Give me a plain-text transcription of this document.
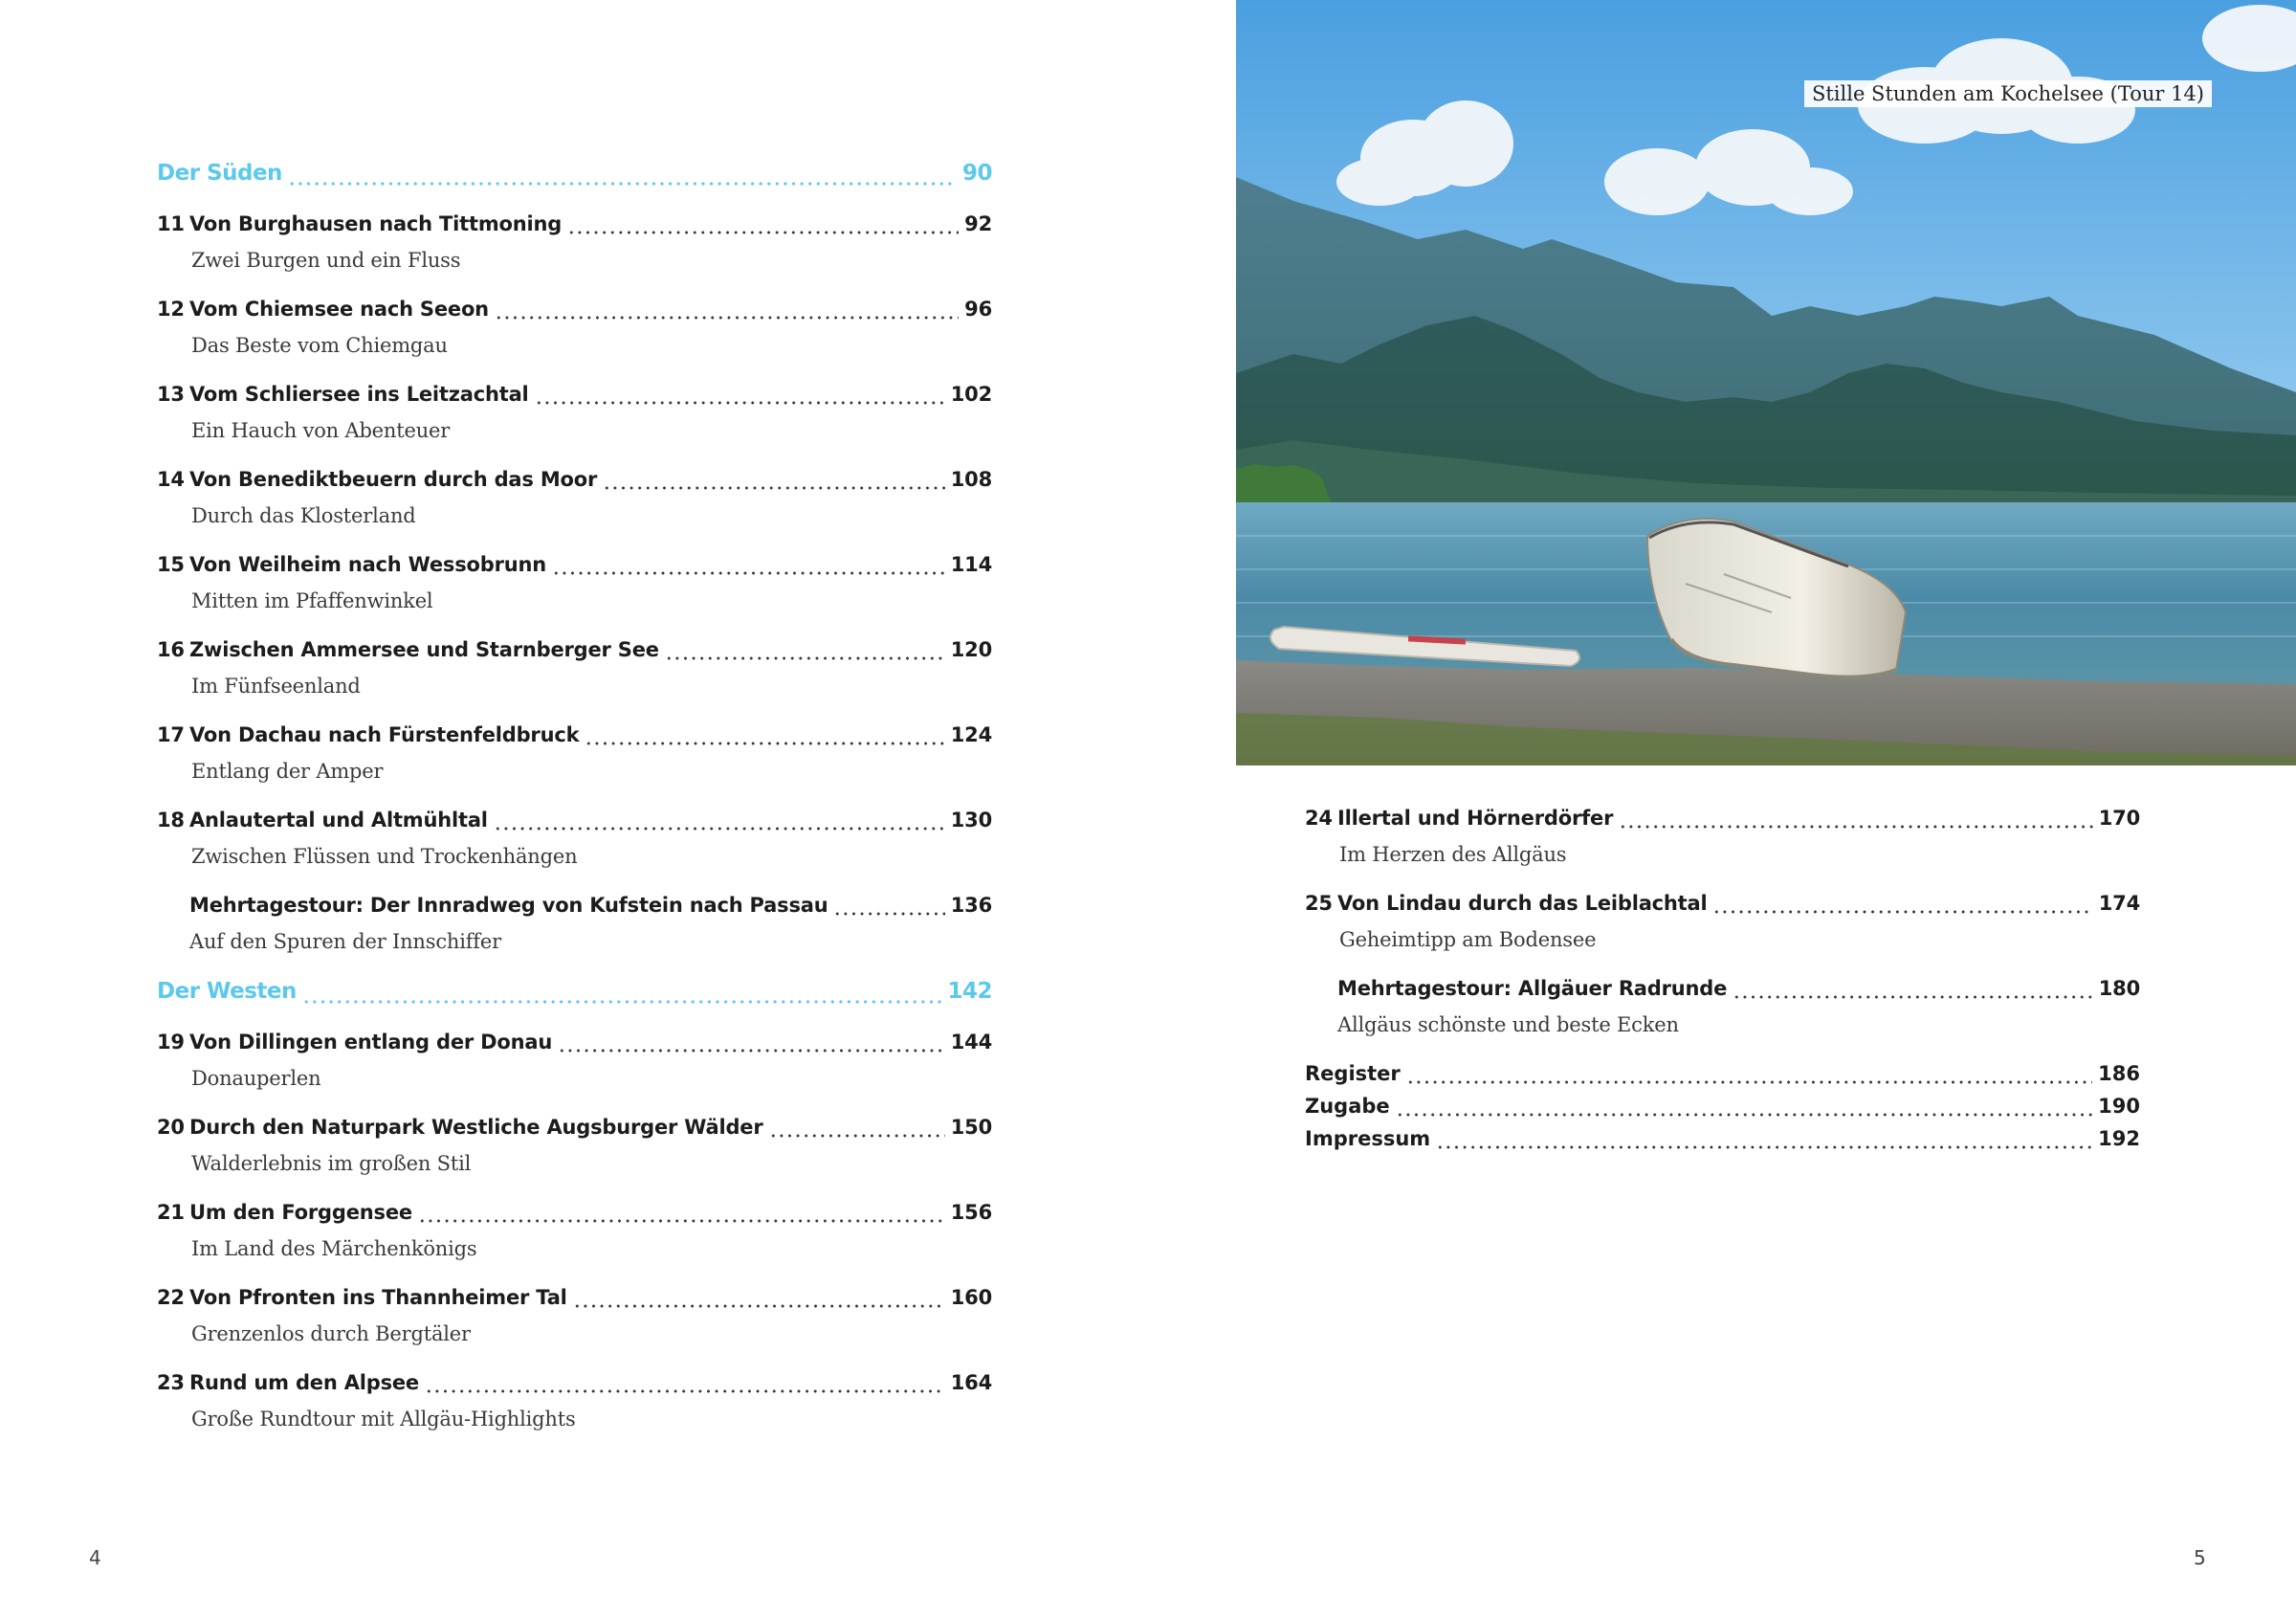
Der Süden	90
11 Von Burghausen nach Tittmoning	92
Zwei Burgen und ein Fluss
12 Vom Chiemsee nach Seeon	96
Das Beste vom Chiemgau
13 Vom Schliersee ins Leitzachtal	102
Ein Hauch von Abenteuer
14 Von Benediktbeuern durch das Moor	108
Durch das Klosterland
15 Von Weilheim nach Wessobrunn	114
Mitten im Pfaffenwinkel
16 Zwischen Ammersee und Starnberger See	120
Im Fünfseenland
17 Von Dachau nach Fürstenfeldbruck	124
Entlang der Amper
18 Anlautertal und Altmühltal	130
Zwischen Flüssen und Trockenhängen
Mehrtagestour: Der Innradweg von Kufstein nach Passau	136
Auf den Spuren der Innschiffer
Der Westen	142
19 Von Dillingen entlang der Donau	144
Donauperlen
20 Durch den Naturpark Westliche Augsburger Wälder	150
Walderlebnis im großen Stil
21 Um den Forggensee	156
Im Land des Märchenkönigs
22 Von Pfronten ins Thannheimer Tal	160
Grenzenlos durch Bergtäler
23 Rund um den Alpsee	164
Große Rundtour mit Allgäu-Highlights
4
Stille Stunden am Kochelsee (Tour 14)
24 Illertal und Hörnerdörfer	170
Im Herzen des Allgäus
25 Von Lindau durch das Leiblachtal	174
Geheimtipp am Bodensee
Mehrtagestour: Allgäuer Radrunde	180
Allgäus schönste und beste Ecken
Register	186
Zugabe	190
Impressum	192
5
